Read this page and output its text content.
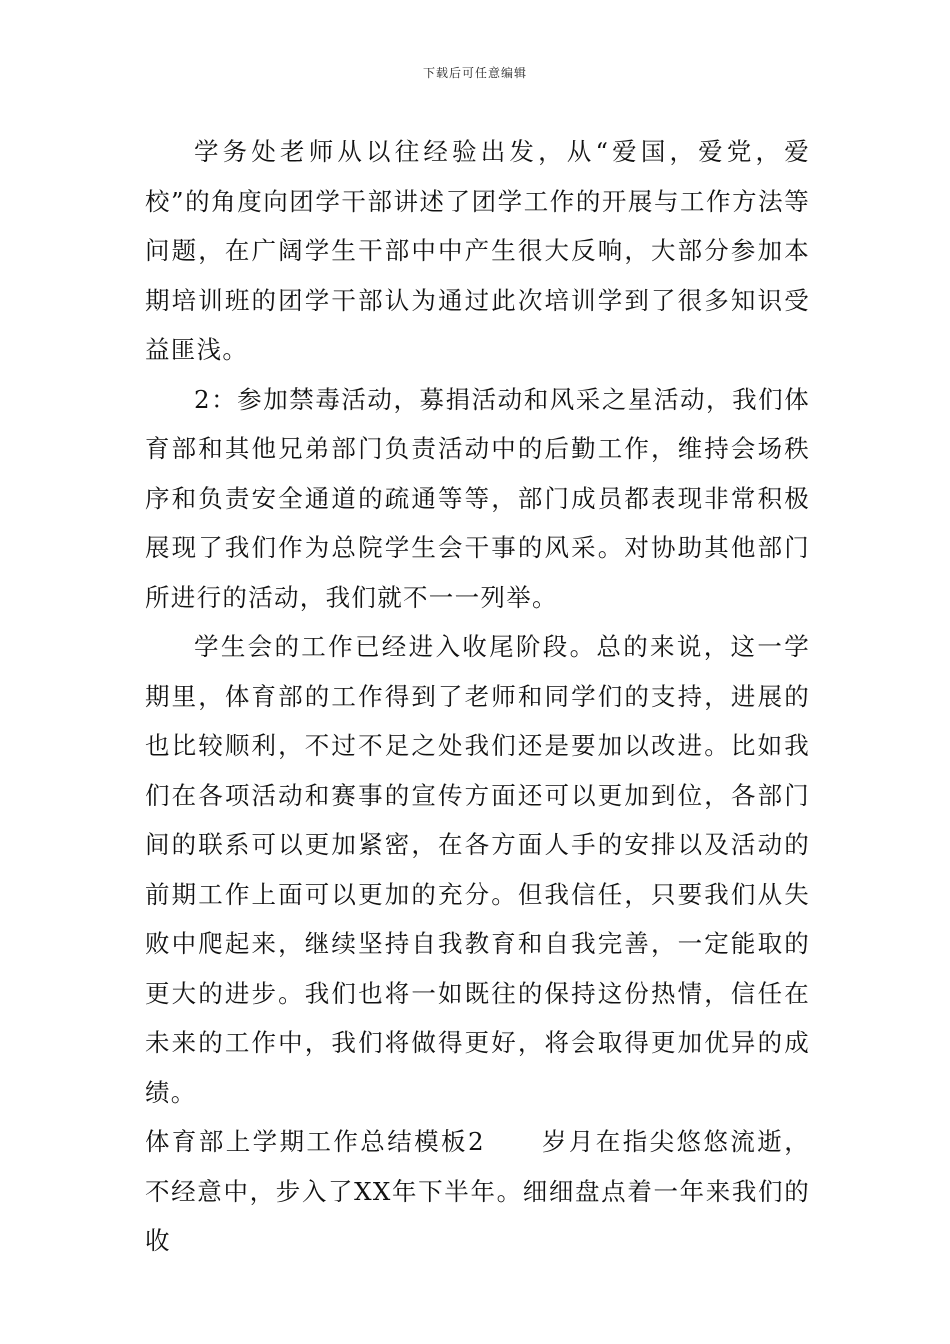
下载后可任意编辑

学务处老师从以往经验出发，从“爱国，爱党，爱校”的角度向团学干部讲述了团学工作的开展与工作方法等问题，在广阔学生干部中中产生很大反响，大部分参加本期培训班的团学干部认为通过此次培训学到了很多知识受益匪浅。

2：参加禁毒活动，募捐活动和风采之星活动，我们体育部和其他兄弟部门负责活动中的后勤工作，维持会场秩序和负责安全通道的疏通等等，部门成员都表现非常积极展现了我们作为总院学生会干事的风采。对协助其他部门所进行的活动，我们就不一一列举。

学生会的工作已经进入收尾阶段。总的来说，这一学期里，体育部的工作得到了老师和同学们的支持，进展的也比较顺利，不过不足之处我们还是要加以改进。比如我们在各项活动和赛事的宣传方面还可以更加到位，各部门间的联系可以更加紧密，在各方面人手的安排以及活动的前期工作上面可以更加的充分。但我信任，只要我们从失败中爬起来，继续坚持自我教育和自我完善，一定能取的更大的进步。我们也将一如既往的保持这份热情，信任在未来的工作中，我们将做得更好，将会取得更加优异的成绩。

体育部上学期工作总结模板2 岁月在指尖悠悠流逝，不经意中，步入了XX年下半年。细细盘点着一年来我们的收
